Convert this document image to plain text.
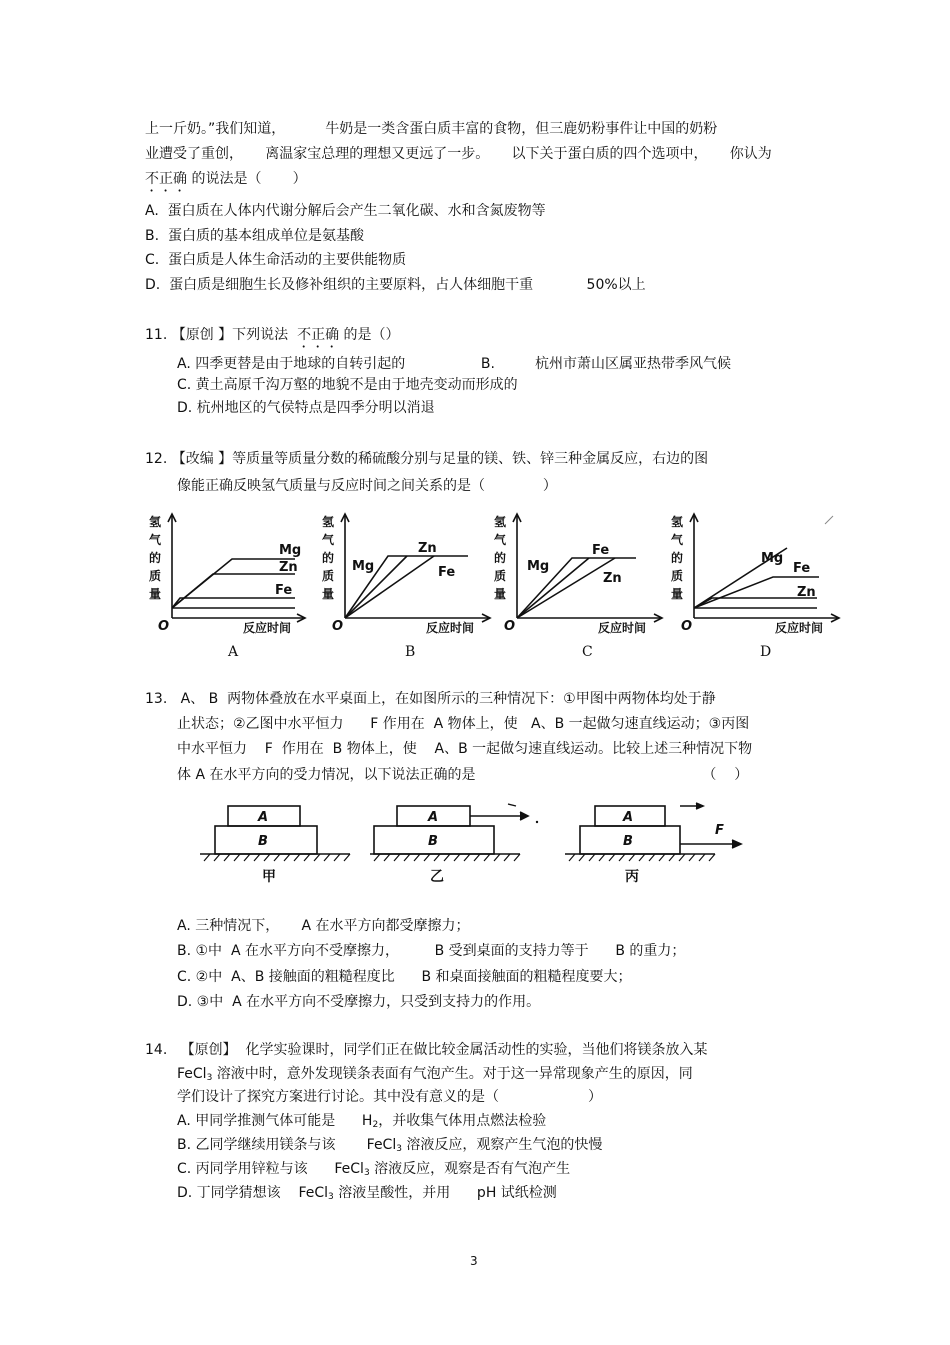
上一斤奶。”我们知道，         牛奶是一类含蛋白质丰富的食物，但三鹿奶粉事件让中国的奶粉
业遭受了重创，     离温家宝总理的理想又更远了一步。     以下关于蛋白质的四个选项中，     你认为
不正确 的说法是（       ）
A.  蛋白质在人体内代谢分解后会产生二氧化碳、水和含氮废物等
B.  蛋白质的基本组成单位是氨基酸
C.  蛋白质是人体生命活动的主要供能物质
D.  蛋白质是细胞生长及修补组织的主要原料，占人体细胞干重            50%以上
11. 【原创 】下列说法  不正确 的是（）
A. 四季更替是由于地球的自转引起的                 B.         杭州市萧山区属亚热带季风气候
C. 黄土高原千沟万壑的地貌不是由于地壳变动而形成的
D. 杭州地区的气侯特点是四季分明以消退
12. 【改编 】等质量等质量分数的稀硫酸分别与足量的镁、铁、锌三种金属反应，右边的图
像能正确反映氢气质量与反应时间之间关系的是（             ）
氢
气
的
质
量
Mg
Zn
Fe
O	反应时间
A
氢
气
的
质
量
Mg
Zn
Fe
O	反应时间
B
氢
气
的
质
量
Mg
Fe
Zn
O	反应时间
C
氢
气
的
质
量
Mg
Fe
Zn
O	反应时间
D
13.   A、 B  两物体叠放在水平桌面上，在如图所示的三种情况下：①甲图中两物体均处于静
止状态；②乙图中水平恒力      F 作用在  A 物体上，使   A、B 一起做匀速直线运动；③丙图
中水平恒力    F  作用在  B 物体上，使    A、B 一起做匀速直线运动。比较上述三种情况下物
体 A 在水平方向的受力情况，以下说法正确的是                                                   （    ）
A
B
甲
A
B
乙
A
B
F
丙
A. 三种情况下，     A 在水平方向都受摩擦力；
B. ①中  A 在水平方向不受摩擦力，        B 受到桌面的支持力等于      B 的重力；
C. ②中  A、B 接触面的粗糙程度比      B 和桌面接触面的粗糙程度要大；
D. ③中  A 在水平方向不受摩擦力，只受到支持力的作用。
14.   【原创】  化学实验课时，同学们正在做比较金属活动性的实验，当他们将镁条放入某
FeCl$_3$ 溶液中时，意外发现镁条表面有气泡产生。对于这一异常现象产生的原因，同
学们设计了探究方案进行讨论。其中没有意义的是（                    ）
A. 甲同学推测气体可能是      $H_2$，并收集气体用点燃法检验
B. 乙同学继续用镁条与该       FeCl$_3$ 溶液反应，观察产生气泡的快慢
C. 丙同学用锌粒与该      FeCl$_3$ 溶液反应，观察是否有气泡产生
D. 丁同学猜想该    FeCl$_3$ 溶液呈酸性，并用      pH 试纸检测
3
